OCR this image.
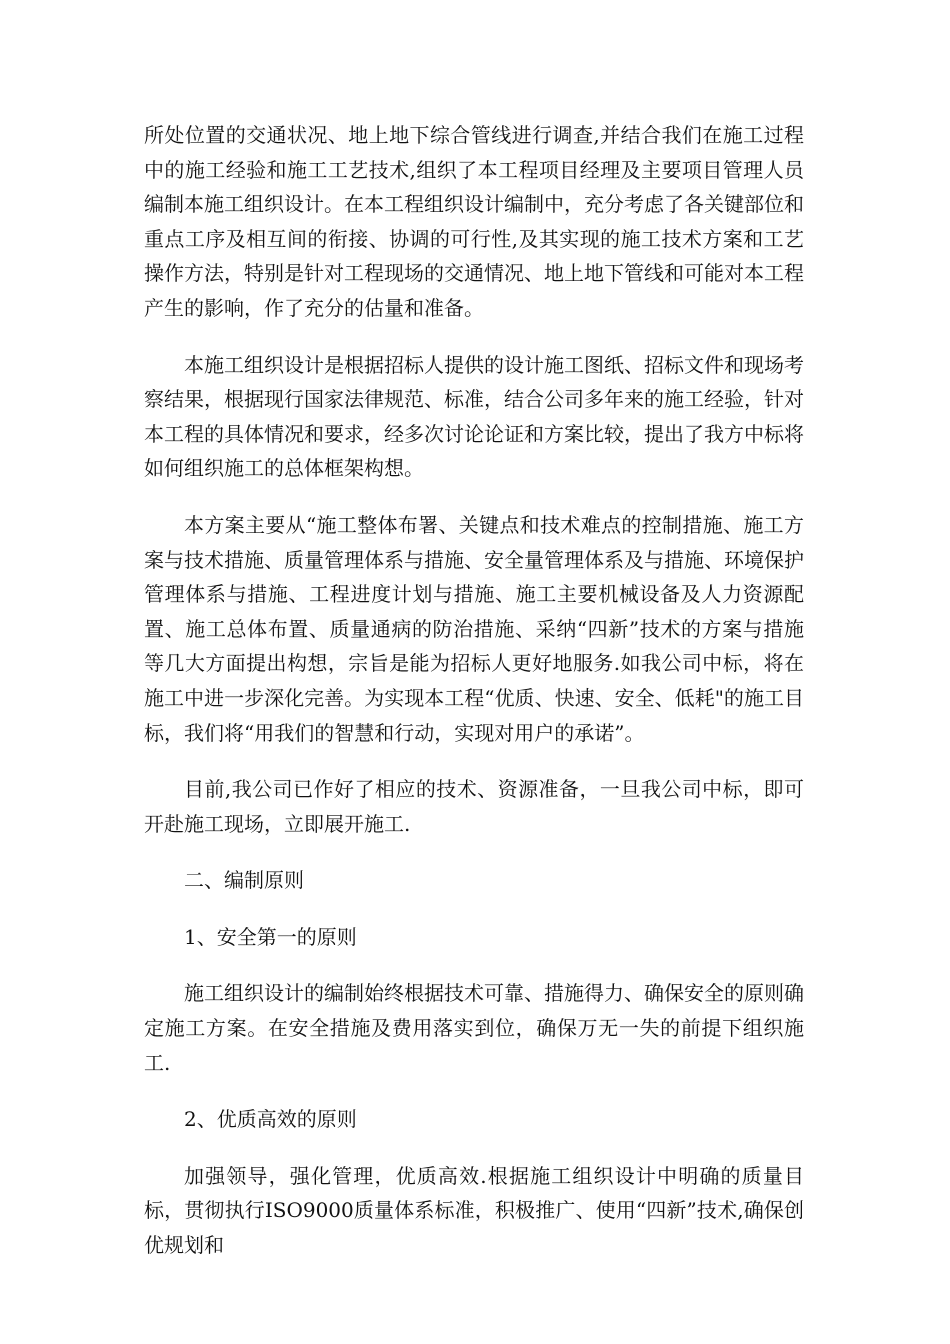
所处位置的交通状况、地上地下综合管线进行调查,并结合我们在施工过程中的施工经验和施工工艺技术,组织了本工程项目经理及主要项目管理人员编制本施工组织设计。在本工程组织设计编制中，充分考虑了各关键部位和重点工序及相互间的衔接、协调的可行性,及其实现的施工技术方案和工艺操作方法，特别是针对工程现场的交通情况、地上地下管线和可能对本工程产生的影响，作了充分的估量和准备。

本施工组织设计是根据招标人提供的设计施工图纸、招标文件和现场考察结果，根据现行国家法律规范、标准，结合公司多年来的施工经验，针对本工程的具体情况和要求，经多次讨论论证和方案比较，提出了我方中标将如何组织施工的总体框架构想。

本方案主要从“施工整体布署、关键点和技术难点的控制措施、施工方案与技术措施、质量管理体系与措施、安全量管理体系及与措施、环境保护管理体系与措施、工程进度计划与措施、施工主要机械设备及人力资源配置、施工总体布置、质量通病的防治措施、采纳“四新”技术的方案与措施等几大方面提出构想，宗旨是能为招标人更好地服务.如我公司中标，将在施工中进一步深化完善。为实现本工程“优质、快速、安全、低耗"的施工目标，我们将“用我们的智慧和行动，实现对用户的承诺”。

目前,我公司已作好了相应的技术、资源准备，一旦我公司中标，即可开赴施工现场，立即展开施工.

二、编制原则

1、安全第一的原则

施工组织设计的编制始终根据技术可靠、措施得力、确保安全的原则确定施工方案。在安全措施及费用落实到位，确保万无一失的前提下组织施工.

2、优质高效的原则

加强领导，强化管理，优质高效.根据施工组织设计中明确的质量目标，贯彻执行ISO9000质量体系标准，积极推广、使用“四新”技术,确保创优规划和
